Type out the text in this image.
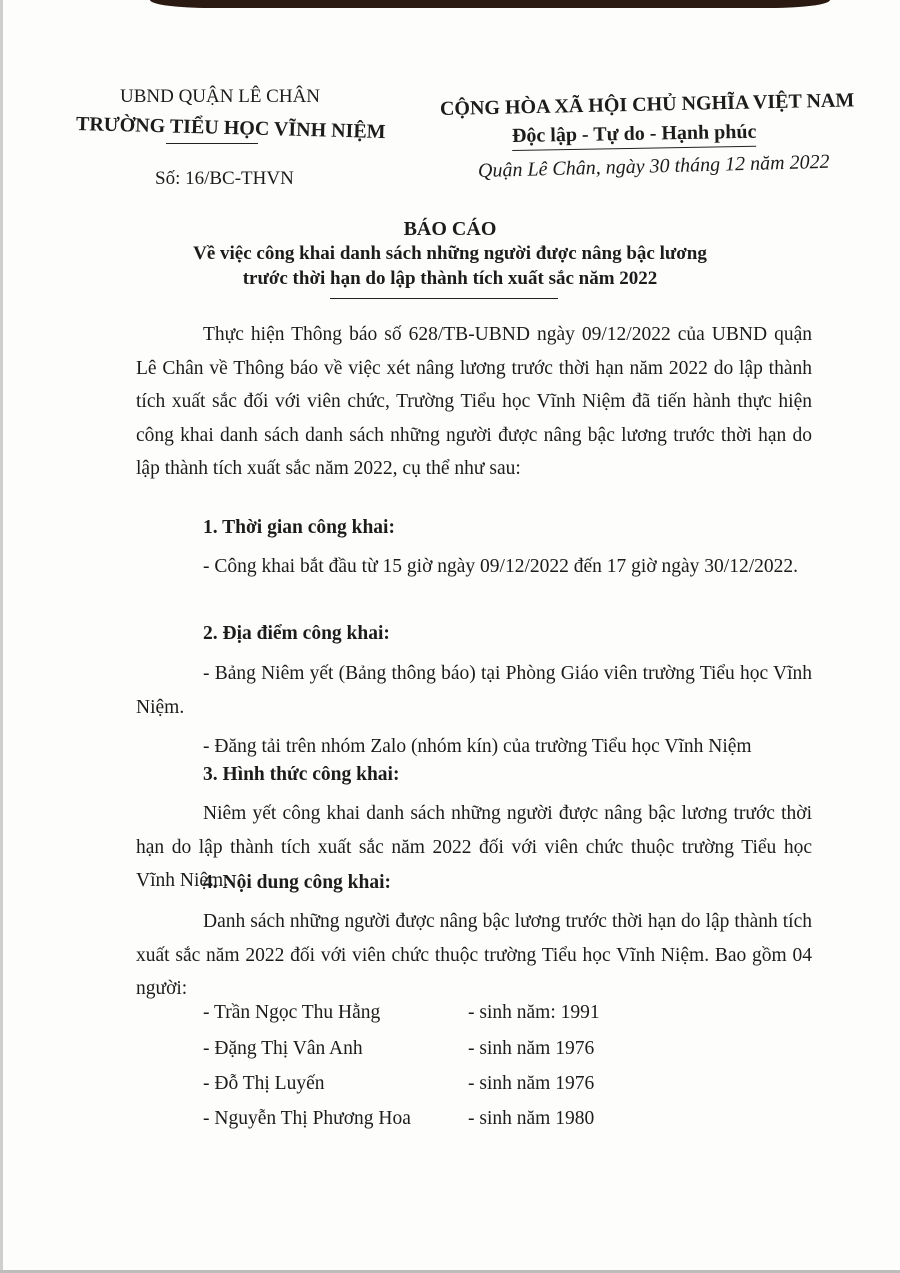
UBND QUẬN LÊ CHÂN
TRƯỜNG TIỂU HỌC VĨNH NIỆM
Số: 16/BC-THVN
CỘNG HÒA XÃ HỘI CHỦ NGHĨA VIỆT NAM
Độc lập - Tự do - Hạnh phúc
Quận Lê Chân, ngày 30 tháng 12 năm 2022
BÁO CÁO
Về việc công khai danh sách những người được nâng bậc lương
trước thời hạn do lập thành tích xuất sắc năm 2022
Thực hiện Thông báo số 628/TB-UBND ngày 09/12/2022 của UBND quận Lê Chân về Thông báo về việc xét nâng lương trước thời hạn năm 2022 do lập thành tích xuất sắc đối với viên chức, Trường Tiểu học Vĩnh Niệm đã tiến hành thực hiện công khai danh sách danh sách những người được nâng bậc lương trước thời hạn do lập thành tích xuất sắc năm 2022, cụ thể như sau:
1. Thời gian công khai:
- Công khai bắt đầu từ 15 giờ ngày 09/12/2022 đến 17 giờ ngày 30/12/2022.
2. Địa điểm công khai:
- Bảng Niêm yết (Bảng thông báo) tại Phòng Giáo viên trường Tiểu học Vĩnh Niệm.
- Đăng tải trên nhóm Zalo (nhóm kín) của trường Tiểu học Vĩnh Niệm
3. Hình thức công khai:
Niêm yết công khai danh sách những người được nâng bậc lương trước thời hạn do lập thành tích xuất sắc năm 2022 đối với viên chức thuộc trường Tiểu học Vĩnh Niệm.
4. Nội dung công khai:
Danh sách những người được nâng bậc lương trước thời hạn do lập thành tích xuất sắc năm 2022 đối với viên chức thuộc trường Tiểu học Vĩnh Niệm. Bao gồm 04 người:
- Trần Ngọc Thu Hằng	- sinh năm: 1991
- Đặng Thị Vân Anh	- sinh năm 1976
- Đỗ Thị Luyến	- sinh năm 1976
- Nguyễn Thị Phương Hoa	- sinh năm 1980
